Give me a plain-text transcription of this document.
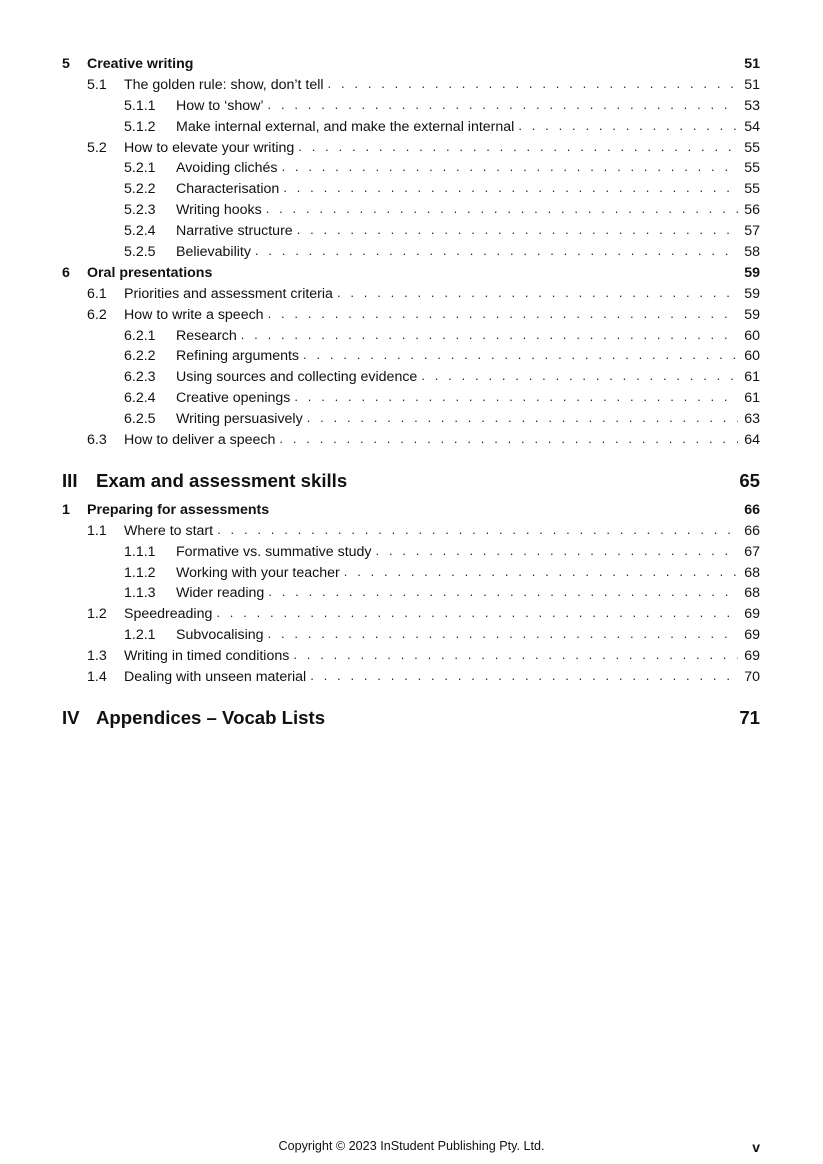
5	Creative writing	51
5.1	The golden rule: show, don’t tell . . .	51
5.1.1	How to ‘show’ . . .	53
5.1.2	Make internal external, and make the external internal . . .	54
5.2	How to elevate your writing . . .	55
5.2.1	Avoiding clichés . . .	55
5.2.2	Characterisation . . .	55
5.2.3	Writing hooks . . .	56
5.2.4	Narrative structure . . .	57
5.2.5	Believability . . .	58
6	Oral presentations	59
6.1	Priorities and assessment criteria . . .	59
6.2	How to write a speech . . .	59
6.2.1	Research . . .	60
6.2.2	Refining arguments . . .	60
6.2.3	Using sources and collecting evidence . . .	61
6.2.4	Creative openings . . .	61
6.2.5	Writing persuasively . . .	63
6.3	How to deliver a speech . . .	64
III Exam and assessment skills	65
1	Preparing for assessments	66
1.1	Where to start . . .	66
1.1.1	Formative vs. summative study . . .	67
1.1.2	Working with your teacher . . .	68
1.1.3	Wider reading . . .	68
1.2	Speedreading . . .	69
1.2.1	Subvocalising . . .	69
1.3	Writing in timed conditions . . .	69
1.4	Dealing with unseen material . . .	70
IV Appendices – Vocab Lists	71
Copyright © 2023 InStudent Publishing Pty. Ltd.	v
